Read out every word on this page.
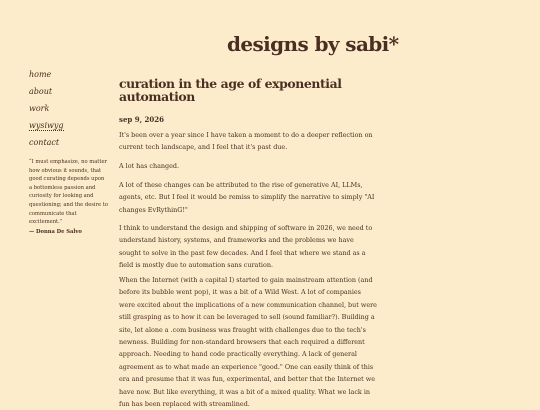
designs by sabi*
home
about
work
wysiwyg
contact
“I must emphasize, no matter how obvious it sounds, that good curating depends upon a bottomless passion and curiosity for looking and questioning; and the desire to communicate that excitement.”
— Donna De Salvo
curation in the age of exponential automation
sep 9, 2026

It's been over a year since I have taken a moment to do a deeper reflection on current tech landscape, and I feel that it's past due.

A lot has changed.

A lot of these changes can be attributed to the rise of generative AI, LLMs, agents, etc. But I feel it would be remiss to simplify the narrative to simply "AI changes EvRythinG!"

I think to understand the design and shipping of software in 2026, we need to understand history, systems, and frameworks and the problems we have sought to solve in the past few decades. And I feel that where we stand as a field is mostly due to automation sans curation.

When the Internet (with a capital I) started to gain mainstream attention (and before its bubble went pop), it was a bit of a Wild West. A lot of companies were excited about the implications of a new communication channel, but were still grasping as to how it can be leveraged to sell (sound familiar?). Building a site, let alone a .com business was fraught with challenges due to the tech's newness. Building for non-standard browsers that each required a different approach. Needing to hand code practically everything. A lack of general agreement as to what made an experience "good." One can easily think of this era and presume that it was fun, experimental, and better that the Internet we have now. But like everything, it was a bit of a mixed quality. What we lack in fun has been replaced with streamlined.
